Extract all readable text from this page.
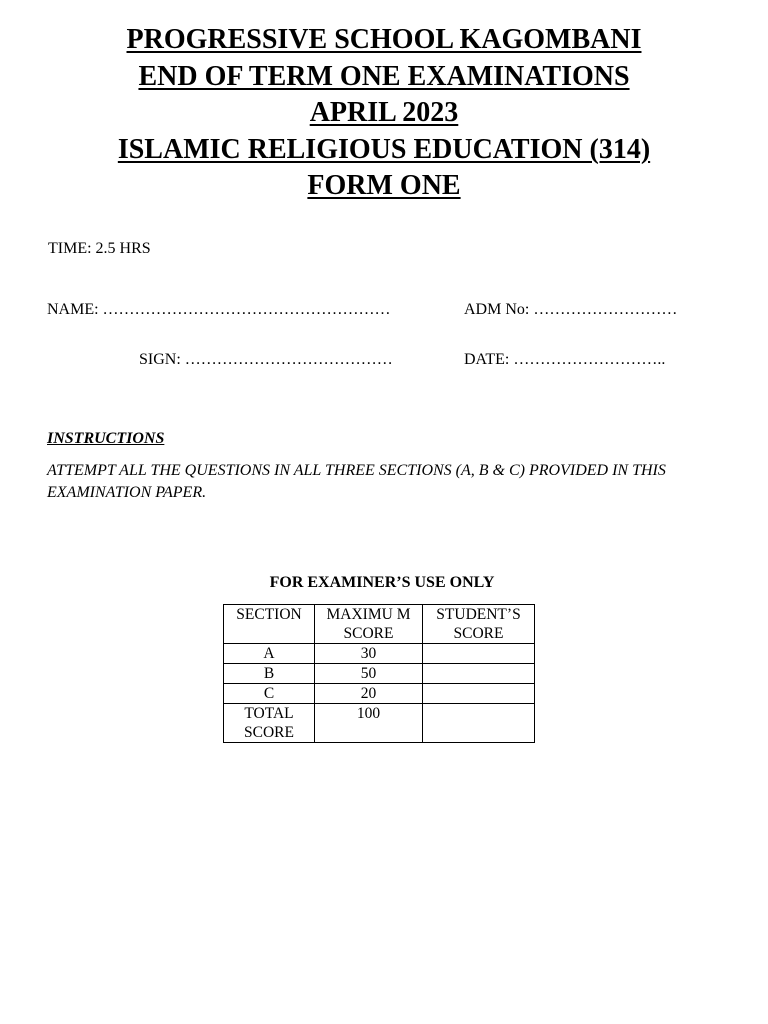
PROGRESSIVE SCHOOL KAGOMBANI
END OF TERM ONE EXAMINATIONS
APRIL 2023
ISLAMIC RELIGIOUS EDUCATION (314)
FORM ONE
TIME: 2.5 HRS
NAME: ………………………………………………	ADM No: ………………………
SIGN: …………………………………	DATE: ………………………..
INSTRUCTIONS
ATTEMPT ALL THE QUESTIONS IN ALL THREE SECTIONS (A, B & C) PROVIDED IN THIS EXAMINATION PAPER.
FOR EXAMINER’S USE ONLY
SECTION	MAXIMU M SCORE	STUDENT’S SCORE
A	30	
B	50	
C	20	
TOTAL SCORE	100	
